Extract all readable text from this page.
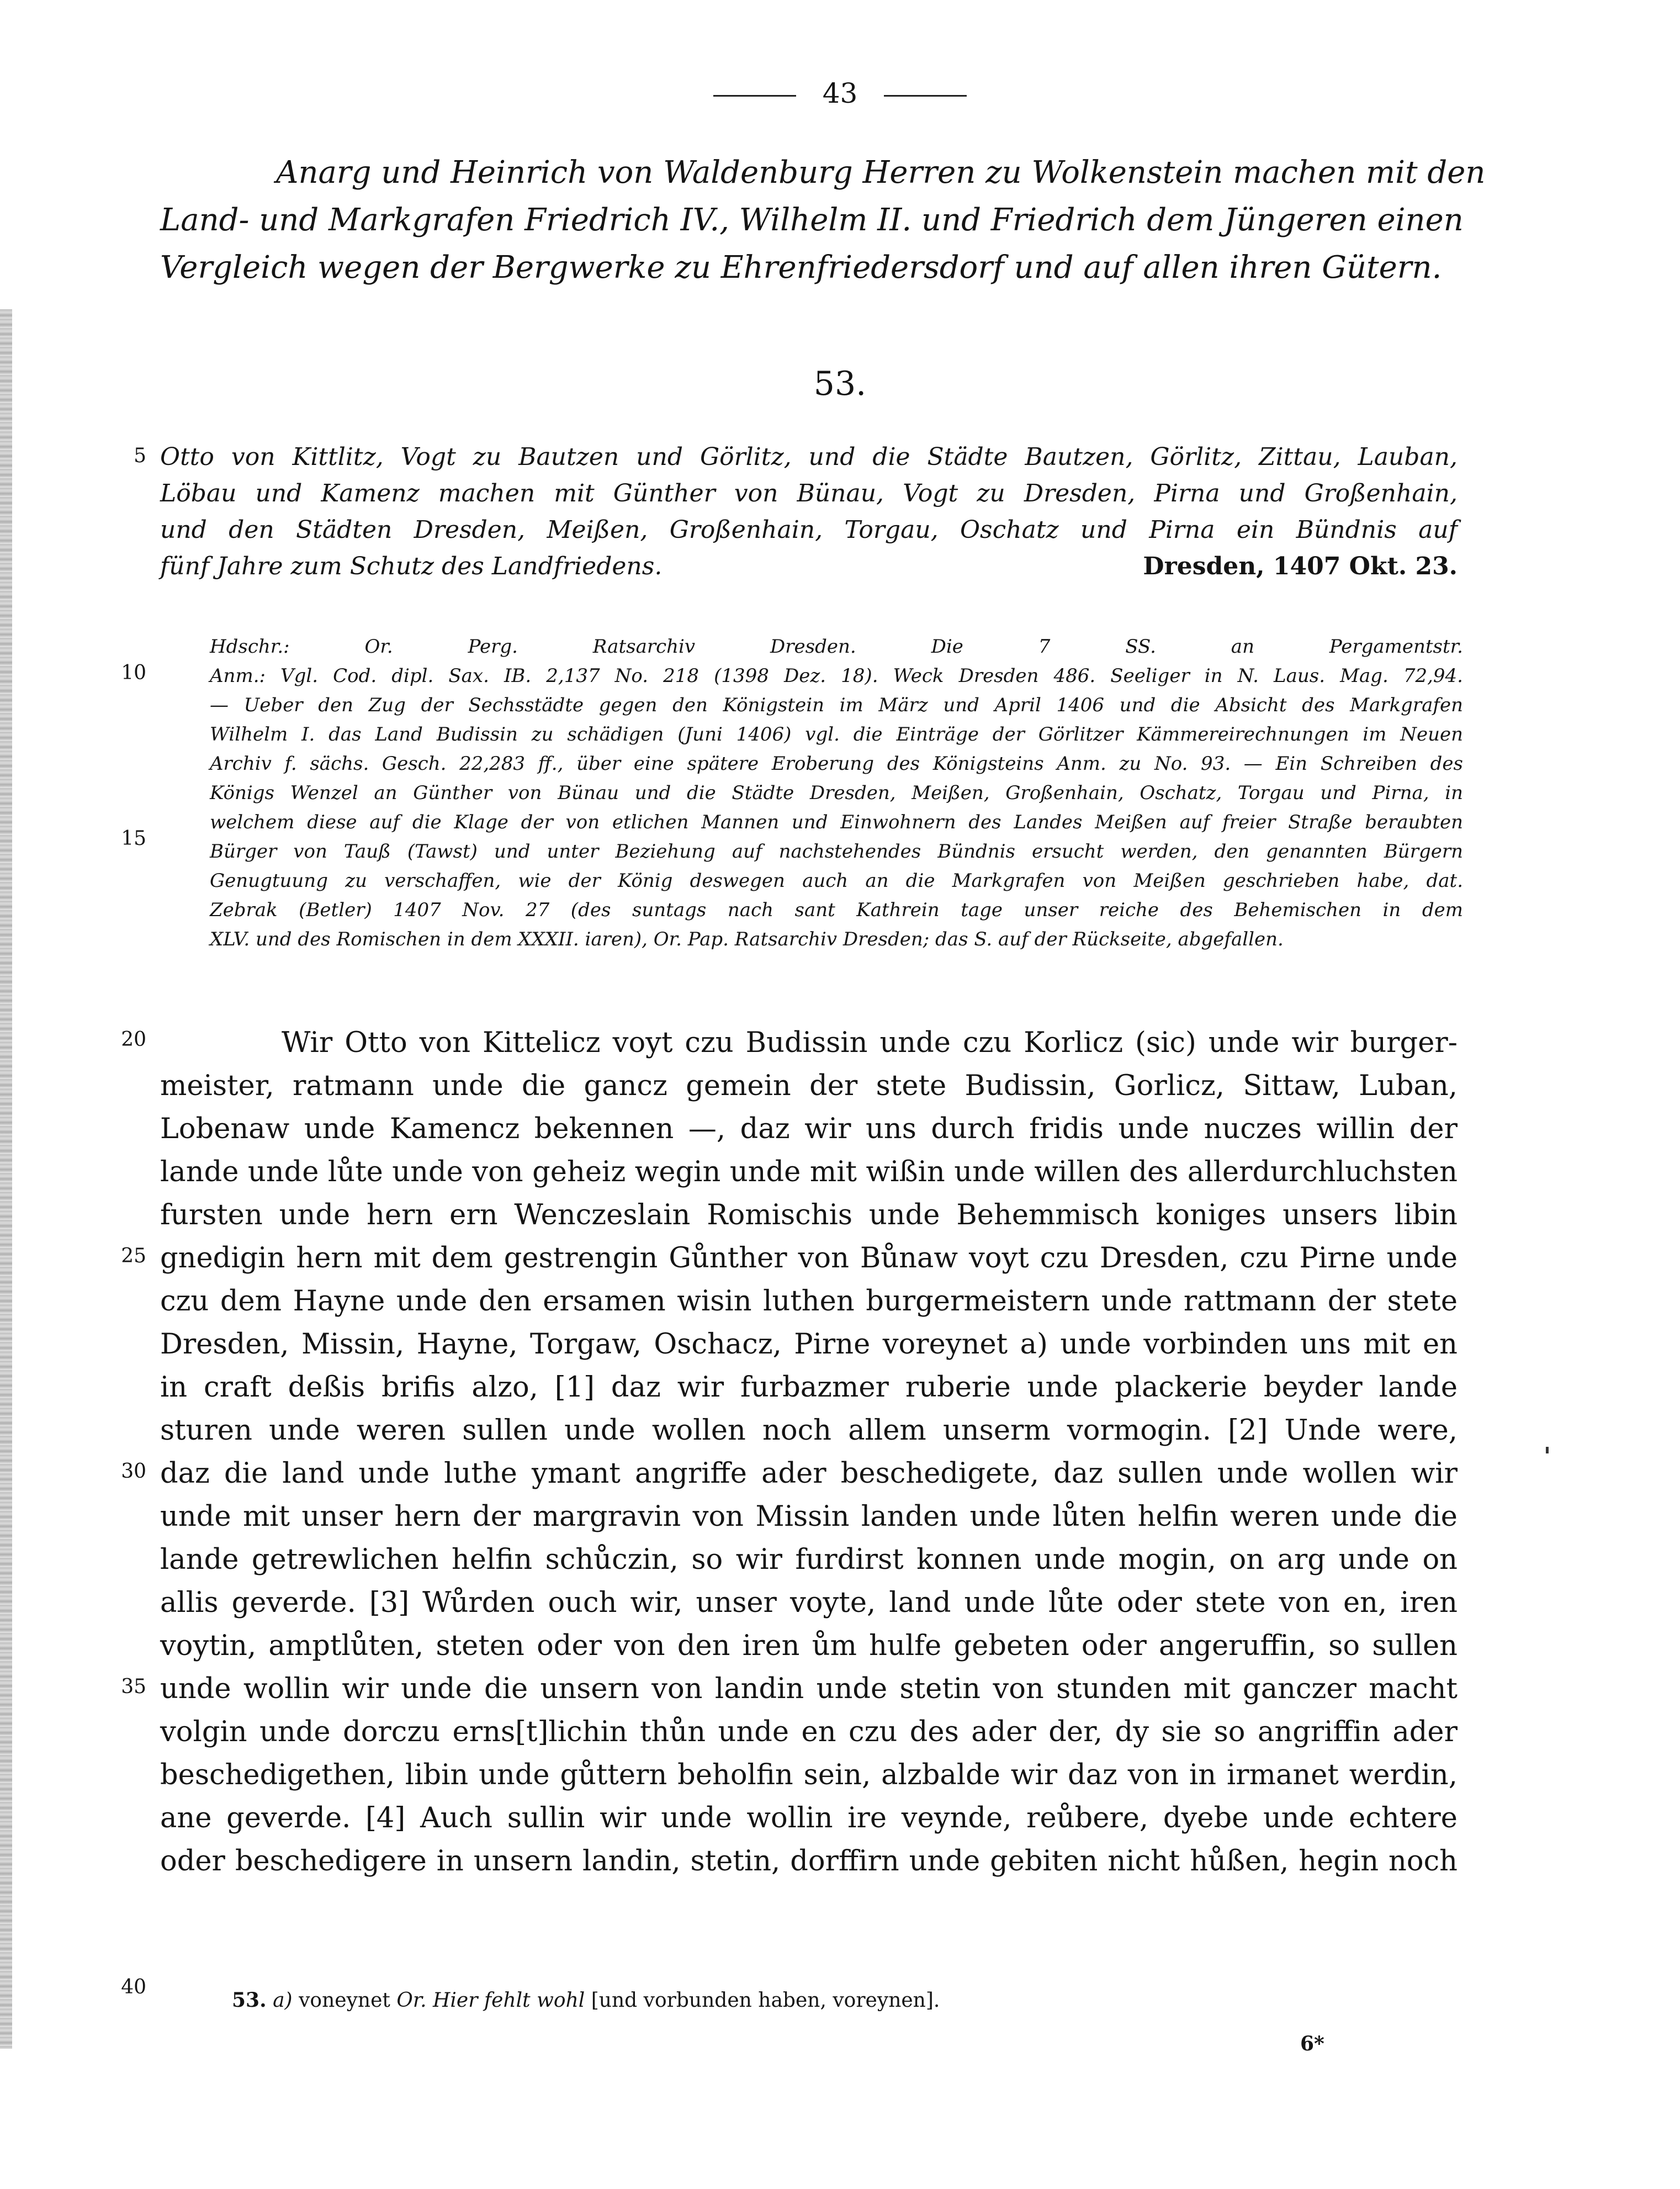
43
Anarg und Heinrich von Waldenburg Herren zu Wolkenstein machen mit den
Land- und Markgrafen Friedrich IV., Wilhelm II. und Friedrich dem Jüngeren einen
Vergleich wegen der Bergwerke zu Ehrenfriedersdorf und auf allen ihren Gütern.
53.
Otto von Kittlitz, Vogt zu Bautzen und Görlitz, und die Städte Bautzen, Görlitz, Zittau, Lauban,
Löbau und Kamenz machen mit Günther von Bünau, Vogt zu Dresden, Pirna und Großenhain,
und den Städten Dresden, Meißen, Großenhain, Torgau, Oschatz und Pirna ein Bündnis auf
fünf Jahre zum Schutz des Landfriedens.	Dresden, 1407 Okt. 23.
Hdschr.: Or. Perg. Ratsarchiv Dresden. Die 7 SS. an Pergamentstr.
Anm.: Vgl. Cod. dipl. Sax. IB. 2,137 No. 218 (1398 Dez. 18). Weck Dresden 486. Seeliger in N. Laus. Mag. 72,94.
— Ueber den Zug der Sechsstädte gegen den Königstein im März und April 1406 und die Absicht des Markgrafen
Wilhelm I. das Land Budissin zu schädigen (Juni 1406) vgl. die Einträge der Görlitzer Kämmereirechnungen im Neuen
Archiv f. sächs. Gesch. 22,283 ff., über eine spätere Eroberung des Königsteins Anm. zu No. 93. — Ein Schreiben des
Königs Wenzel an Günther von Bünau und die Städte Dresden, Meißen, Großenhain, Oschatz, Torgau und Pirna, in
welchem diese auf die Klage der von etlichen Mannen und Einwohnern des Landes Meißen auf freier Straße beraubten
Bürger von Tauß (Tawst) und unter Beziehung auf nachstehendes Bündnis ersucht werden, den genannten Bürgern
Genugtuung zu verschaffen, wie der König deswegen auch an die Markgrafen von Meißen geschrieben habe, dat.
Zebrak (Betler) 1407 Nov. 27 (des suntags nach sant Kathrein tage unser reiche des Behemischen in dem
XLV. und des Romischen in dem XXXII. iaren), Or. Pap. Ratsarchiv Dresden; das S. auf der Rückseite, abgefallen.
Wir Otto von Kittelicz voyt czu Budissin unde czu Korlicz (sic) unde wir burger-
meister, ratmann unde die gancz gemein der stete Budissin, Gorlicz, Sittaw, Luban,
Lobenaw unde Kamencz bekennen —, daz wir uns durch fridis unde nuczes willin der
lande unde lůte unde von geheiz wegin unde mit wißin unde willen des allerdurchluchsten
fursten unde hern ern Wenczeslain Romischis unde Behemmisch koniges unsers libin
gnedigin hern mit dem gestrengin Gůnther von Bůnaw voyt czu Dresden, czu Pirne unde
czu dem Hayne unde den ersamen wisin luthen burgermeistern unde rattmann der stete
Dresden, Missin, Hayne, Torgaw, Oschacz, Pirne voreynet a) unde vorbinden uns mit en
in craft deßis brifis alzo, [1] daz wir furbazmer ruberie unde plackerie beyder lande
sturen unde weren sullen unde wollen noch allem unserm vormogin. [2] Unde were,
daz die land unde luthe ymant angriffe ader beschedigete, daz sullen unde wollen wir
unde mit unser hern der margravin von Missin landen unde lůten helfin weren unde die
lande getrewlichen helfin schůczin, so wir furdirst konnen unde mogin, on arg unde on
allis geverde. [3] Wůrden ouch wir, unser voyte, land unde lůte oder stete von en, iren
voytin, amptlůten, steten oder von den iren ům hulfe gebeten oder angeruffin, so sullen
unde wollin wir unde die unsern von landin unde stetin von stunden mit ganczer macht
volgin unde dorczu erns[t]lichin thůn unde en czu des ader der, dy sie so angriffin ader
beschedigethen, libin unde gůttern beholfin sein, alzbalde wir daz von in irmanet werdin,
ane geverde. [4] Auch sullin wir unde wollin ire veynde, reůbere, dyebe unde echtere
oder beschedigere in unsern landin, stetin, dorffirn unde gebiten nicht hůßen, hegin noch
53. a) voneynet Or. Hier fehlt wohl [und vorbunden haben, voreynen].
6*
5
10
15
20
25
30
35
40
